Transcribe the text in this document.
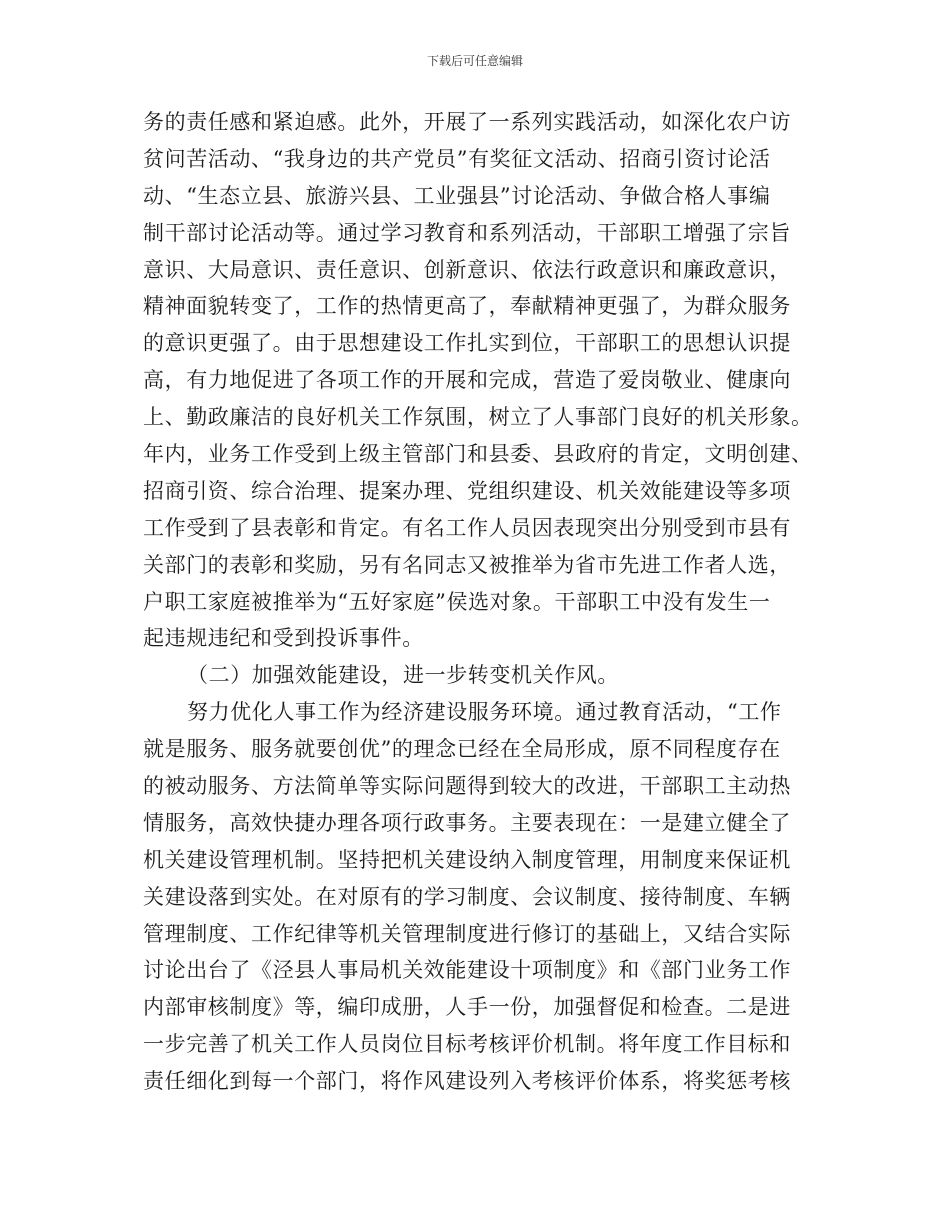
下载后可任意编辑
务的责任感和紧迫感。此外，开展了一系列实践活动，如深化农户访
贫问苦活动、“我身边的共产党员”有奖征文活动、招商引资讨论活
动、“生态立县、旅游兴县、工业强县”讨论活动、争做合格人事编
制干部讨论活动等。通过学习教育和系列活动，干部职工增强了宗旨
意识、大局意识、责任意识、创新意识、依法行政意识和廉政意识，
精神面貌转变了，工作的热情更高了，奉献精神更强了，为群众服务
的意识更强了。由于思想建设工作扎实到位，干部职工的思想认识提
高，有力地促进了各项工作的开展和完成，营造了爱岗敬业、健康向
上、勤政廉洁的良好机关工作氛围，树立了人事部门良好的机关形象。
年内，业务工作受到上级主管部门和县委、县政府的肯定，文明创建、
招商引资、综合治理、提案办理、党组织建设、机关效能建设等多项
工作受到了县表彰和肯定。有名工作人员因表现突出分别受到市县有
关部门的表彰和奖励，另有名同志又被推举为省市先进工作者人选，
户职工家庭被推举为“五好家庭”侯选对象。干部职工中没有发生一
起违规违纪和受到投诉事件。
（二）加强效能建设，进一步转变机关作风。
努力优化人事工作为经济建设服务环境。通过教育活动，“工作
就是服务、服务就要创优”的理念已经在全局形成，原不同程度存在
的被动服务、方法简单等实际问题得到较大的改进，干部职工主动热
情服务，高效快捷办理各项行政事务。主要表现在：一是建立健全了
机关建设管理机制。坚持把机关建设纳入制度管理，用制度来保证机
关建设落到实处。在对原有的学习制度、会议制度、接待制度、车辆
管理制度、工作纪律等机关管理制度进行修订的基础上，又结合实际
讨论出台了《泾县人事局机关效能建设十项制度》和《部门业务工作
内部审核制度》等，编印成册，人手一份，加强督促和检查。二是进
一步完善了机关工作人员岗位目标考核评价机制。将年度工作目标和
责任细化到每一个部门，将作风建设列入考核评价体系，将奖惩考核
